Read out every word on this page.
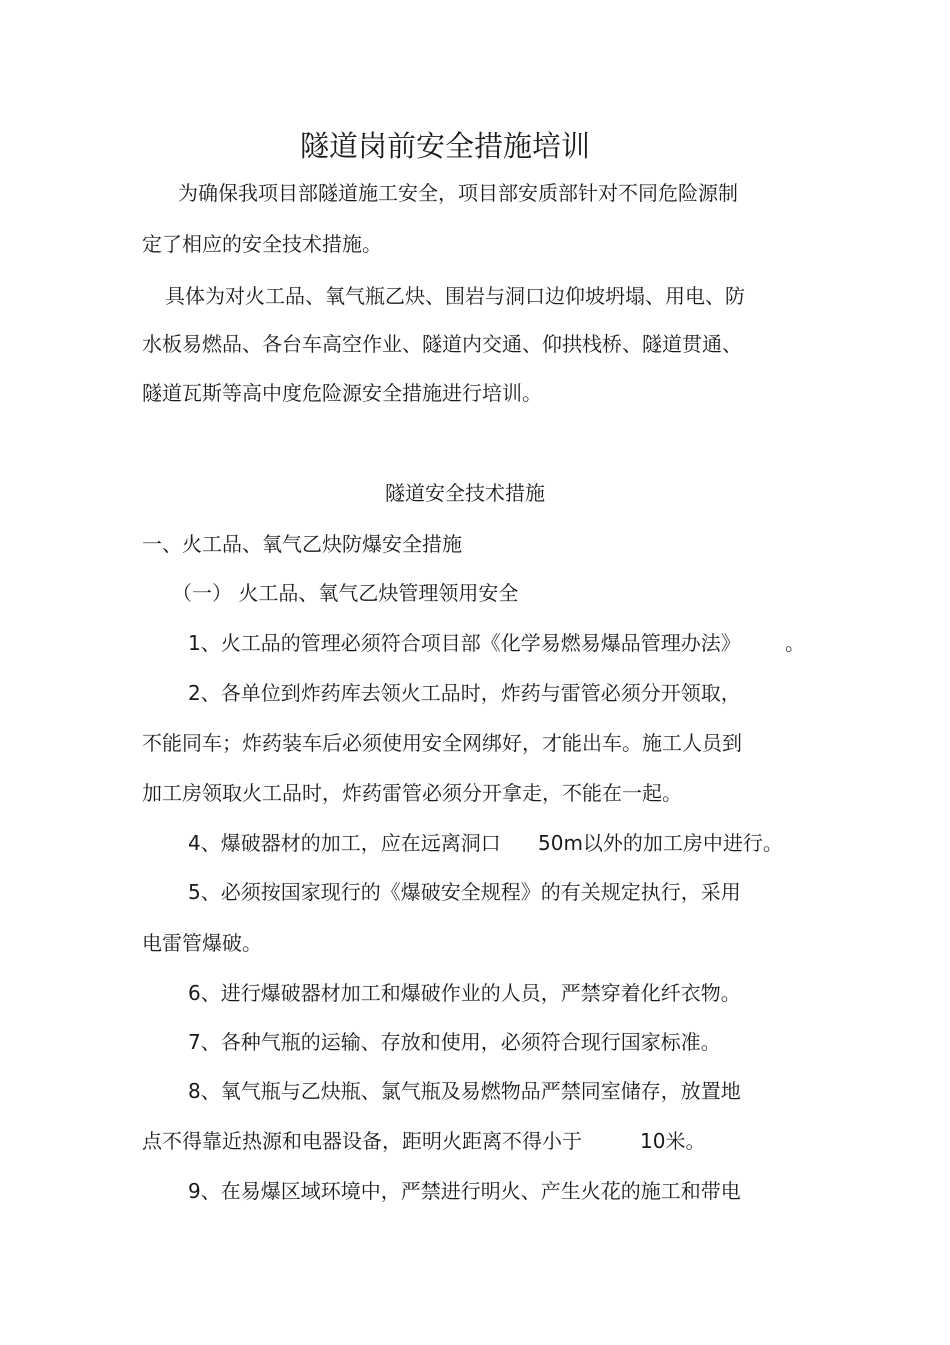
隧道岗前安全措施培训
为确保我项目部隧道施工安全，项目部安质部针对不同危险源制
定了相应的安全技术措施。
具体为对火工品、氧气瓶乙炔、围岩与洞口边仰坡坍塌、用电、防
水板易燃品、各台车高空作业、隧道内交通、仰拱栈桥、隧道贯通、
隧道瓦斯等高中度危险源安全措施进行培训。
隧道安全技术措施
一、火工品、氧气乙炔防爆安全措施
（一） 火工品、氧气乙炔管理领用安全
1、火工品的管理必须符合项目部《化学易燃易爆品管理办法》 。
2、各单位到炸药库去领火工品时，炸药与雷管必须分开领取，
不能同车；炸药装车后必须使用安全网绑好，才能出车。施工人员到
加工房领取火工品时，炸药雷管必须分开拿走，不能在一起。
4、爆破器材的加工，应在远离洞口 50m以外的加工房中进行。
5、必须按国家现行的《爆破安全规程》的有关规定执行，采用
电雷管爆破。
6、进行爆破器材加工和爆破作业的人员，严禁穿着化纤衣物。
7、各种气瓶的运输、存放和使用，必须符合现行国家标准。
8、氧气瓶与乙炔瓶、氯气瓶及易燃物品严禁同室储存，放置地
点不得靠近热源和电器设备，距明火距离不得小于	10米。
9、在易爆区域环境中，严禁进行明火、产生火花的施工和带电
